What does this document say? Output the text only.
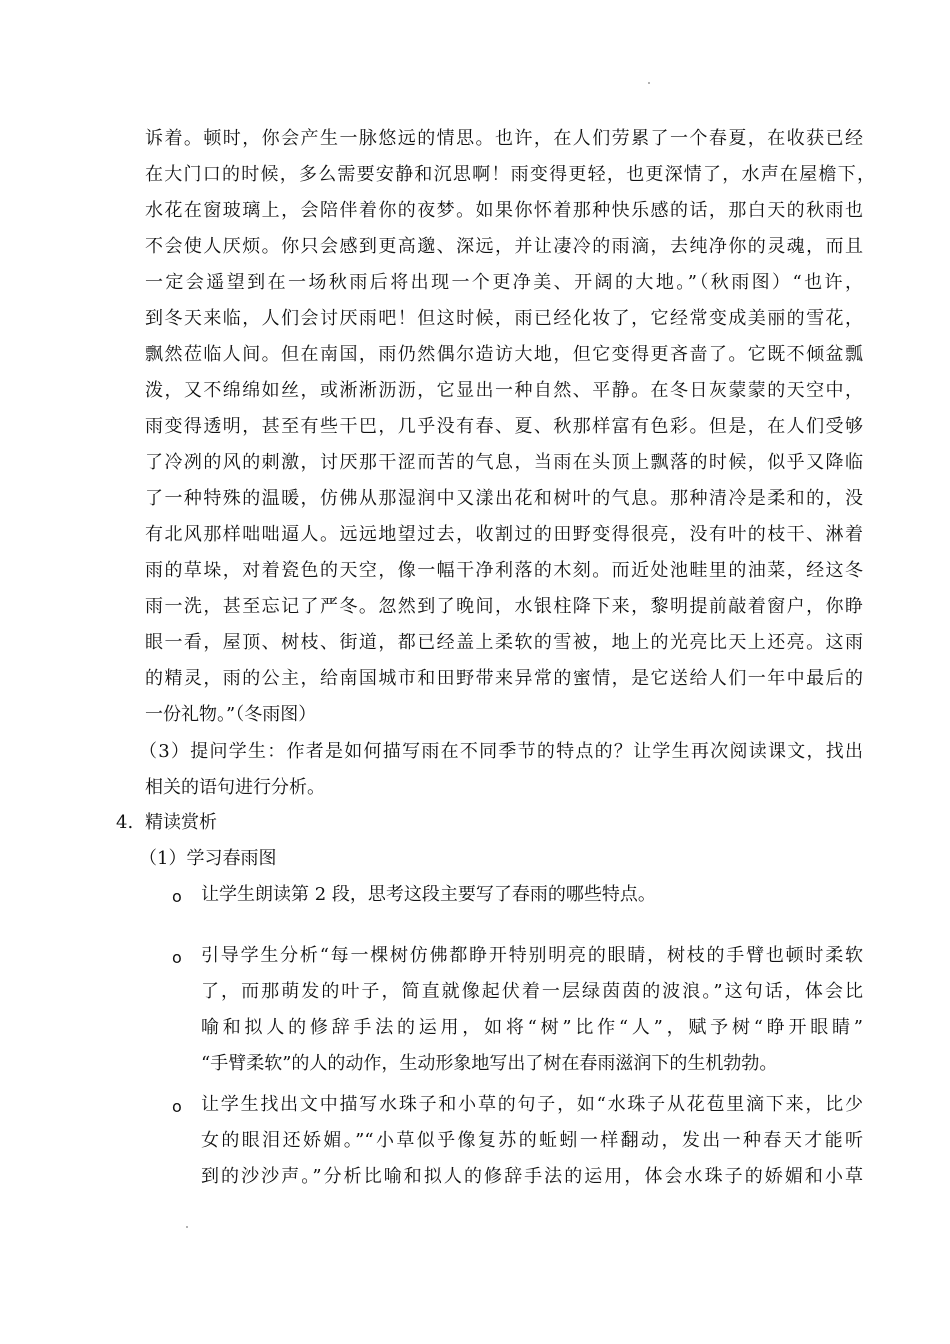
诉着。顿时，你会产生一脉悠远的情思。也许，在人们劳累了一个春夏，在收获已经
在大门口的时候，多么需要安静和沉思啊！雨变得更轻，也更深情了，水声在屋檐下，
水花在窗玻璃上，会陪伴着你的夜梦。如果你怀着那种快乐感的话，那白天的秋雨也
不会使人厌烦。你只会感到更高邈、深远，并让凄冷的雨滴，去纯净你的灵魂，而且
一定会遥望到在一场秋雨后将出现一个更净美、开阔的大地。”（秋雨图）“也许，
到冬天来临，人们会讨厌雨吧！但这时候，雨已经化妆了，它经常变成美丽的雪花，
飘然莅临人间。但在南国，雨仍然偶尔造访大地，但它变得更吝啬了。它既不倾盆瓢
泼，又不绵绵如丝，或淅淅沥沥，它显出一种自然、平静。在冬日灰蒙蒙的天空中，
雨变得透明，甚至有些干巴，几乎没有春、夏、秋那样富有色彩。但是，在人们受够
了冷冽的风的刺激，讨厌那干涩而苦的气息，当雨在头顶上飘落的时候，似乎又降临
了一种特殊的温暖，仿佛从那湿润中又漾出花和树叶的气息。那种清冷是柔和的，没
有北风那样咄咄逼人。远远地望过去，收割过的田野变得很亮，没有叶的枝干、淋着
雨的草垛，对着瓷色的天空，像一幅干净利落的木刻。而近处池畦里的油菜，经这冬
雨一洗，甚至忘记了严冬。忽然到了晚间，水银柱降下来，黎明提前敲着窗户，你睁
眼一看，屋顶、树枝、街道，都已经盖上柔软的雪被，地上的光亮比天上还亮。这雨
的精灵，雨的公主，给南国城市和田野带来异常的蜜情，是它送给人们一年中最后的
一份礼物。”（冬雨图）
（3）提问学生：作者是如何描写雨在不同季节的特点的？让学生再次阅读课文，找出
相关的语句进行分析。
4. 精读赏析
（1）学习春雨图
o 让学生朗读第 2 段，思考这段主要写了春雨的哪些特点。
o 引导学生分析“每一棵树仿佛都睁开特别明亮的眼睛，树枝的手臂也顿时柔软
了，而那萌发的叶子，简直就像起伏着一层绿茵茵的波浪。”这句话，体会比
喻和拟人的修辞手法的运用，如将“树”比作“人”，赋予树“睁开眼睛”
“手臂柔软”的人的动作，生动形象地写出了树在春雨滋润下的生机勃勃。
o 让学生找出文中描写水珠子和小草的句子，如“水珠子从花苞里滴下来，比少
女的眼泪还娇媚。”“小草似乎像复苏的蚯蚓一样翻动，发出一种春天才能听
到的沙沙声。”分析比喻和拟人的修辞手法的运用，体会水珠子的娇媚和小草
